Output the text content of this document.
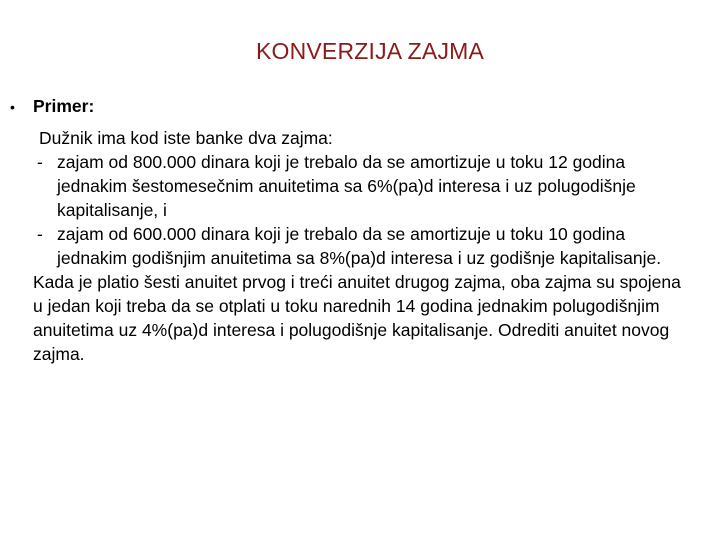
KONVERZIJA ZAJMA
•	Primer:
Dužnik ima kod iste banke dva zajma:
- zajam od 800.000 dinara koji je trebalo da se amortizuje u toku 12 godina jednakim šestomesečnim anuitetima sa 6%(pa)d interesa i uz polugodišnje kapitalisanje, i
- zajam od 600.000 dinara koji je trebalo da se amortizuje u toku 10 godina jednakim godišnjim anuitetima sa 8%(pa)d interesa i uz godišnje kapitalisanje.
Kada je platio šesti anuitet prvog i treći anuitet drugog zajma, oba zajma su spojena u jedan koji treba da se otplati u toku narednih 14 godina jednakim polugodišnjim anuitetima uz 4%(pa)d interesa i polugodišnje kapitalisanje. Odrediti anuitet novog zajma.
